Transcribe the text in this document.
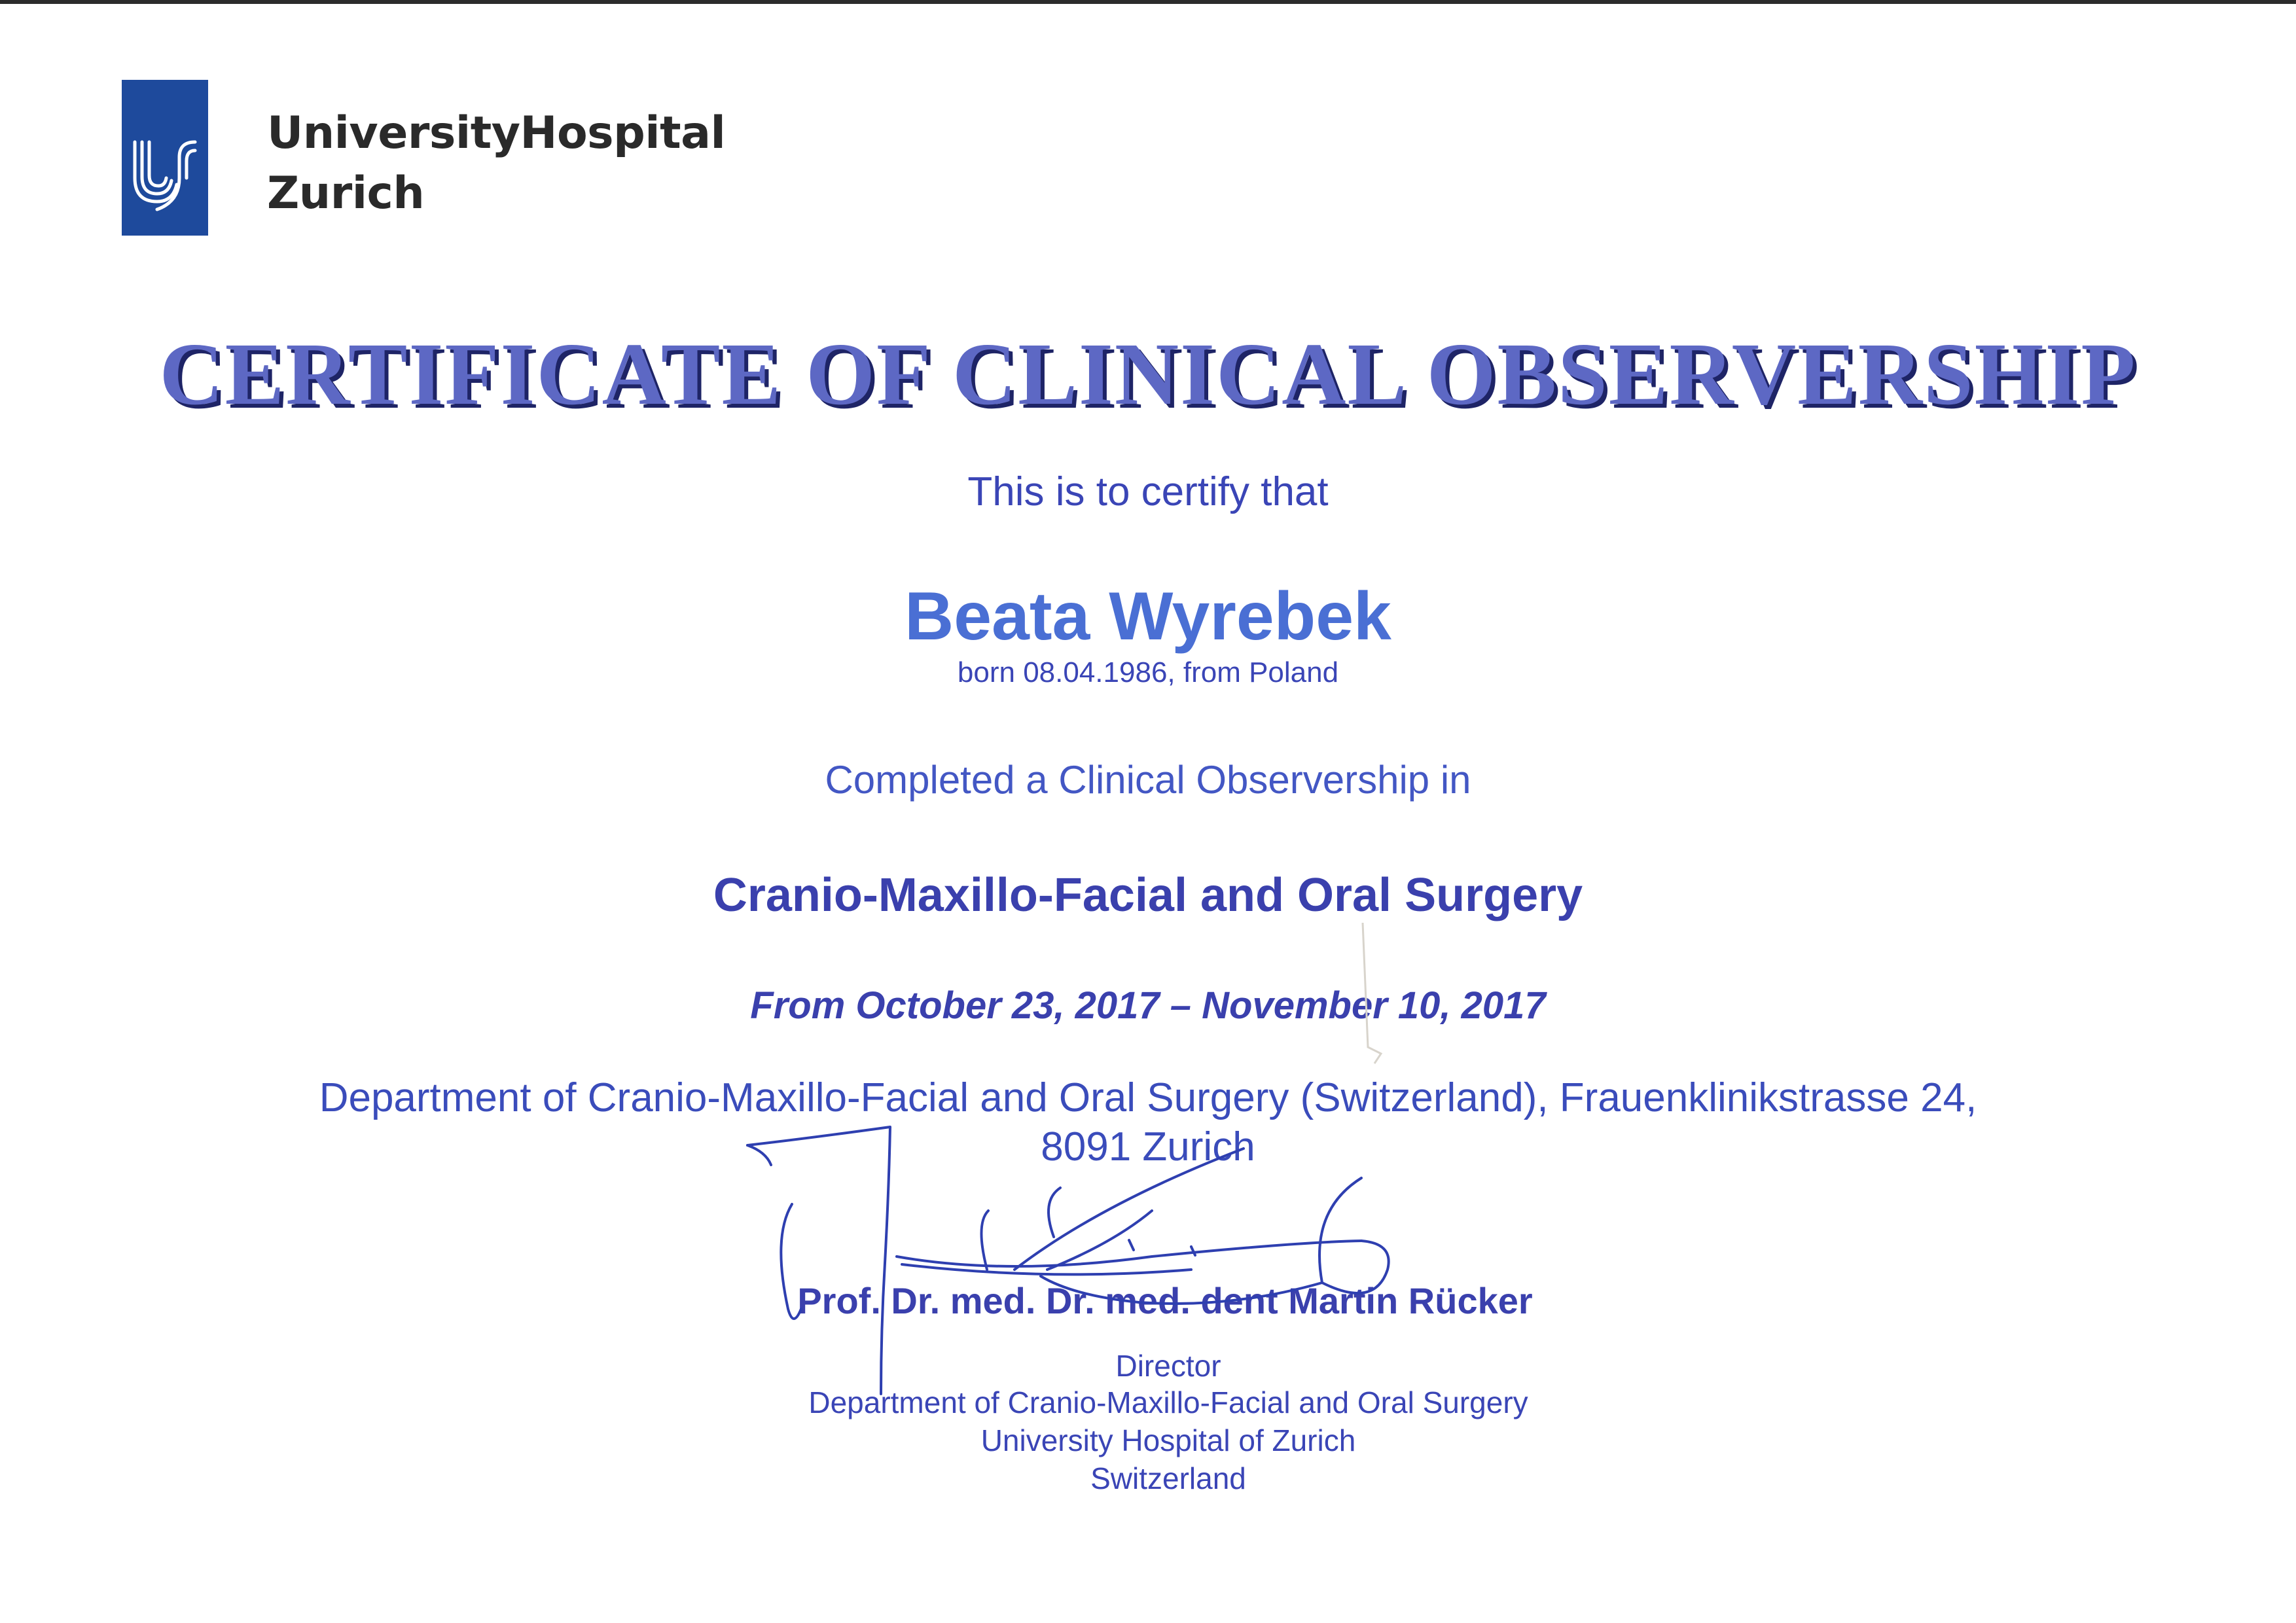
UniversityHospital
Zurich
CERTIFICATE OF CLINICAL OBSERVERSHIP
This is to certify that
Beata Wyrebek
born 08.04.1986, from Poland
Completed a Clinical Observership in
Cranio-Maxillo-Facial and Oral Surgery
From October 23, 2017 – November 10, 2017
Department of Cranio-Maxillo-Facial and Oral Surgery (Switzerland), Frauenklinikstrasse 24,
8091 Zurich
Prof. Dr. med. Dr. med. dent Martin Rücker
Director
Department of Cranio-Maxillo-Facial and Oral Surgery
University Hospital of Zurich
Switzerland
